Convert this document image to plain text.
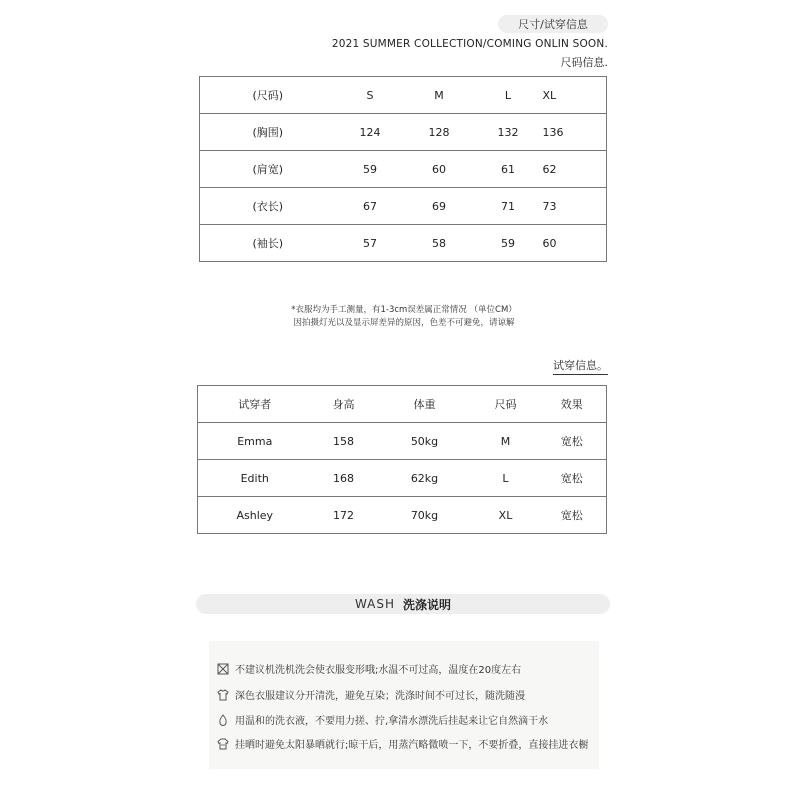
尺寸/试穿信息
2021 SUMMER COLLECTION/COMING ONLIN SOON.
尺码信息.
(尺码)	S	M	L	XL
(胸围)	124	128	132	136
(肩宽)	59	60	61	62
(衣长)	67	69	71	73
(袖长)	57	58	59	60
*衣服均为手工测量，有1-3cm误差属正常情况 （单位CM）
因拍摄灯光以及显示屏差异的原因，色差不可避免，请谅解
试穿信息。
试穿者	身高	体重	尺码	效果
Emma	158	50kg	M	宽松
Edith	168	62kg	L	宽松
Ashley	172	70kg	XL	宽松
WASH 洗涤说明
不建议机洗机洗会使衣服变形哦;水温不可过高，温度在20度左右
深色衣服建议分开清洗，避免互染；洗涤时间不可过长，随洗随漫
用温和的洗衣液，不要用力搓、拧,拿清水漂洗后挂起来让它自然滴干水
挂晒时避免太阳暴晒就行;晾干后，用蒸汽略微喷一下，不要折叠，直接挂进衣橱
